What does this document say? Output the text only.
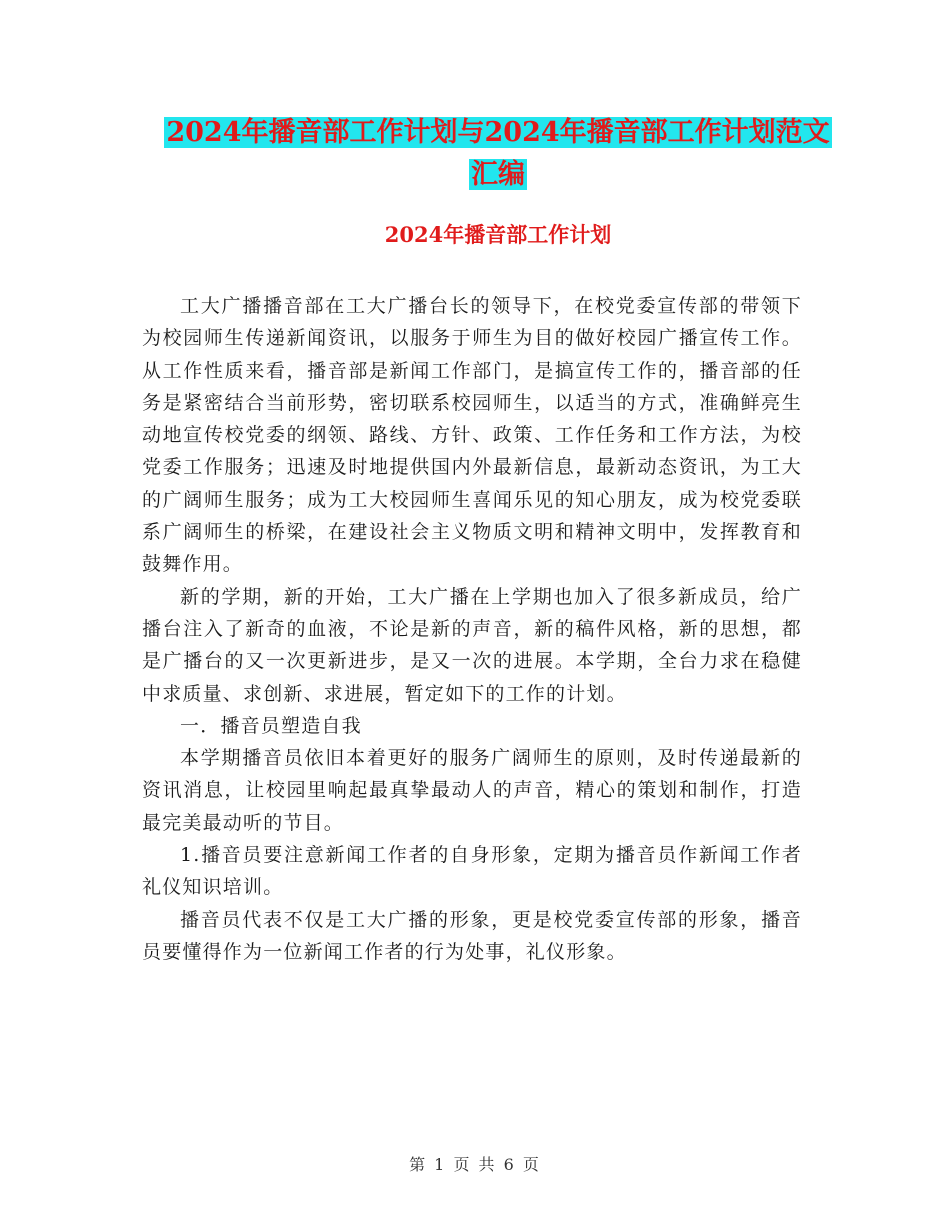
2024年播音部工作计划与2024年播音部工作计划范文
汇编
2024年播音部工作计划

工大广播播音部在工大广播台长的领导下，在校党委宣传部的带领下为校园师生传递新闻资讯，以服务于师生为目的做好校园广播宣传工作。从工作性质来看，播音部是新闻工作部门，是搞宣传工作的，播音部的任务是紧密结合当前形势，密切联系校园师生，以适当的方式，准确鲜亮生动地宣传校党委的纲领、路线、方针、政策、工作任务和工作方法，为校党委工作服务；迅速及时地提供国内外最新信息，最新动态资讯，为工大的广阔师生服务；成为工大校园师生喜闻乐见的知心朋友，成为校党委联系广阔师生的桥梁，在建设社会主义物质文明和精神文明中，发挥教育和鼓舞作用。

新的学期，新的开始，工大广播在上学期也加入了很多新成员，给广播台注入了新奇的血液，不论是新的声音，新的稿件风格，新的思想，都是广播台的又一次更新进步，是又一次的进展。本学期，全台力求在稳健中求质量、求创新、求进展，暂定如下的工作的计划。

一．播音员塑造自我

本学期播音员依旧本着更好的服务广阔师生的原则，及时传递最新的资讯消息，让校园里响起最真挚最动人的声音，精心的策划和制作，打造最完美最动听的节目。

1.播音员要注意新闻工作者的自身形象，定期为播音员作新闻工作者礼仪知识培训。

播音员代表不仅是工大广播的形象，更是校党委宣传部的形象，播音员要懂得作为一位新闻工作者的行为处事，礼仪形象。

第 1 页 共 6 页
